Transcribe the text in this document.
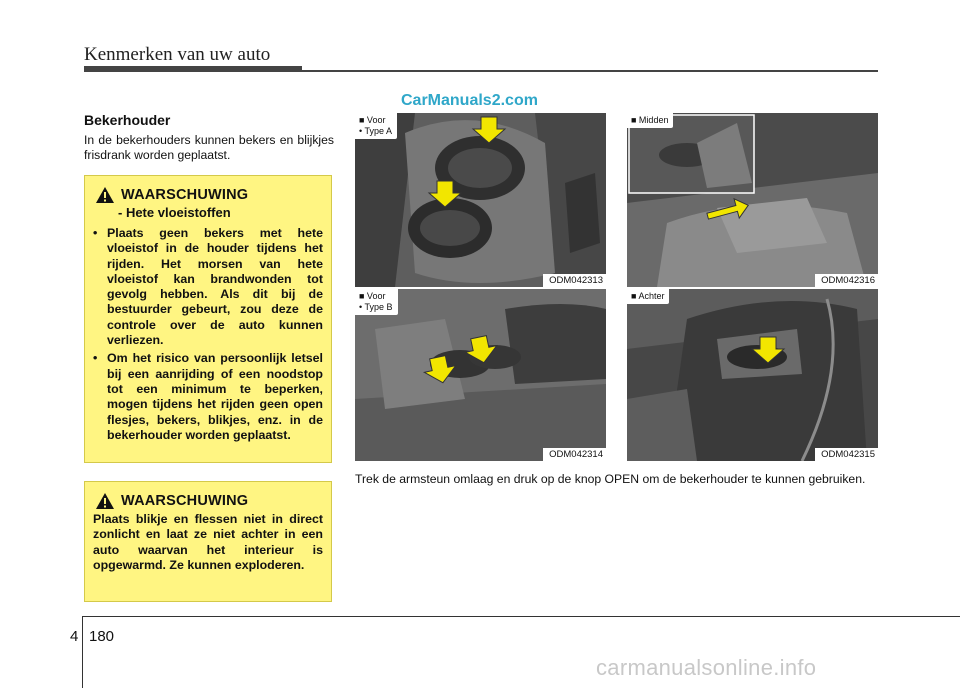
Kenmerken van uw auto
Bekerhouder
In de bekerhouders kunnen bekers en blijkjes frisdrank worden geplaatst.
WAARSCHUWING
- Hete vloeistoffen
• Plaats geen bekers met hete vloeistof in de houder tijdens het rijden. Het morsen van hete vloeistof kan brandwonden tot gevolg hebben. Als dit bij de bestuurder gebeurt, zou deze de controle over de auto kunnen verliezen.
• Om het risico van persoonlijk letsel bij een aanrijding of een noodstop tot een minimum te beperken, mogen tijdens het rijden geen open flesjes, bekers, blikjes, enz. in de bekerhouder worden geplaatst.
WAARSCHUWING
Plaats blikje en flessen niet in direct zonlicht en laat ze niet achter in een auto waarvan het interieur is opgewarmd. Ze kunnen exploderen.
CarManuals2.com
■ Voor
• Type A
ODM042313
■ Midden
ODM042316
■ Voor
• Type B
ODM042314
■ Achter
ODM042315
Trek de armsteun omlaag en druk op de knop OPEN om de bekerhouder te kunnen gebruiken.
4 180
carmanualsonline.info
